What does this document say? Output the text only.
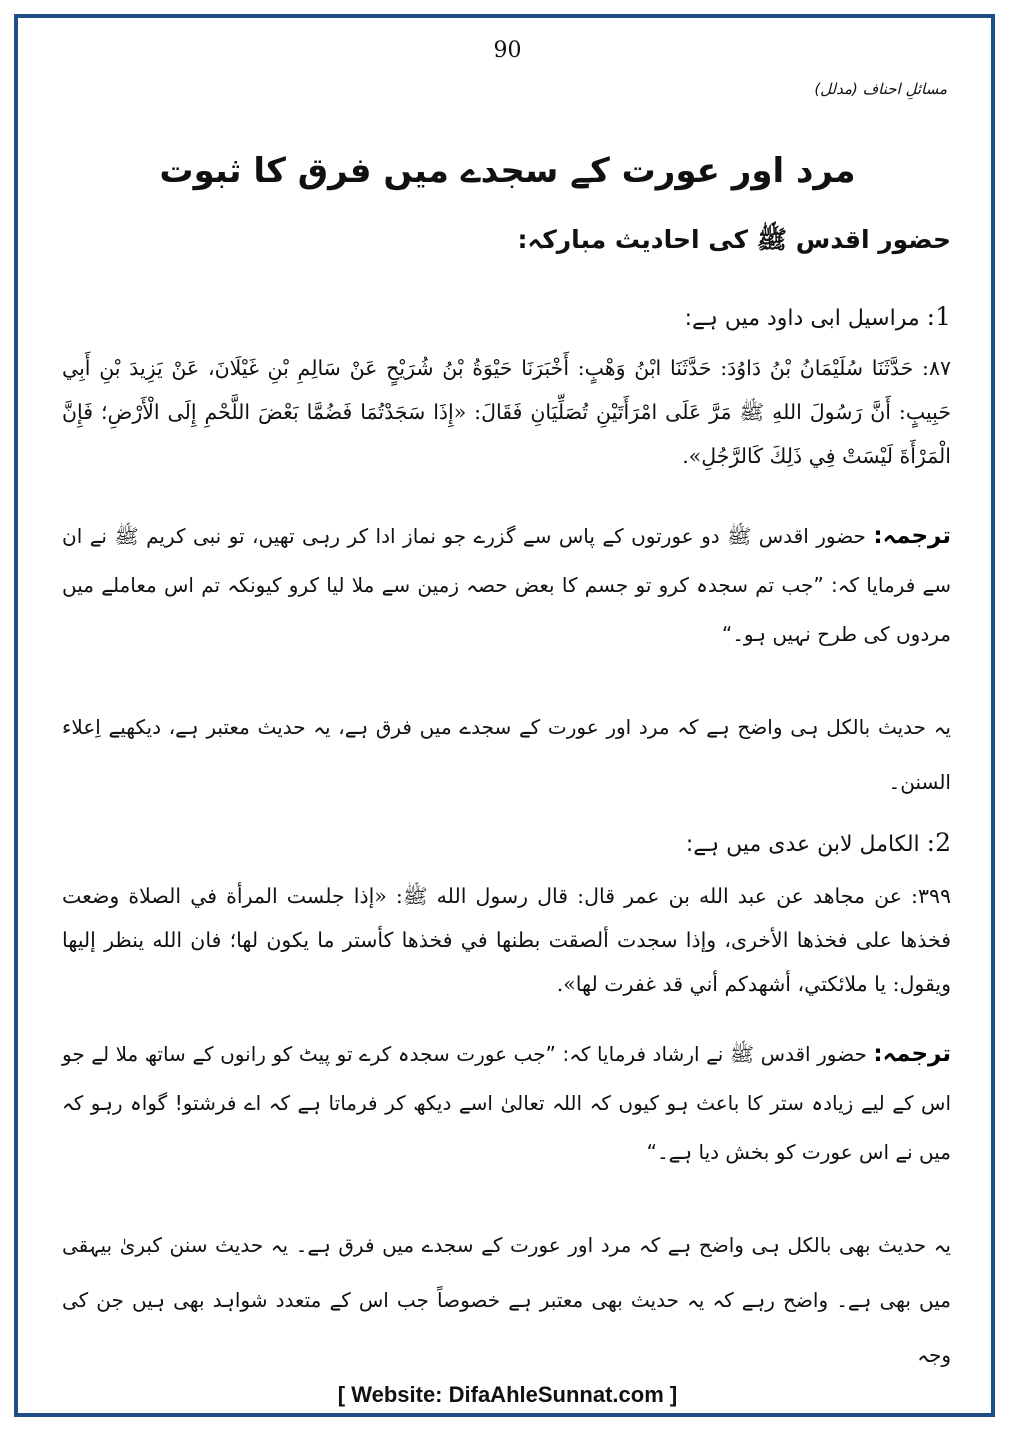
90
مسائلِ احناف (مدلل)
مرد اور عورت کے سجدے میں فرق کا ثبوت
حضور اقدس ﷺ کی احادیث مبارکہ:
1: مراسیل ابی داود میں ہے:
٨٧: حَدَّثَنَا سُلَيْمَانُ بْنُ دَاوُدَ: حَدَّثَنَا ابْنُ وَهْبٍ: أَخْبَرَنَا حَيْوَةُ بْنُ شُرَيْحٍ عَنْ سَالِمِ بْنِ غَيْلَانَ، عَنْ يَزِيدَ بْنِ أَبِي حَبِيبٍ: أَنَّ رَسُولَ اللهِ ﷺ مَرَّ عَلَى امْرَأَتَيْنِ تُصَلِّيَانِ فَقَالَ: «إِذَا سَجَدْتُمَا فَضُمَّا بَعْضَ اللَّحْمِ إِلَى الْأَرْضِ؛ فَإِنَّ الْمَرْأَةَ لَيْسَتْ فِي ذَلِكَ كَالرَّجُلِ».
ترجمہ: حضور اقدس ﷺ دو عورتوں کے پاس سے گزرے جو نماز ادا کر رہی تھیں، تو نبی کریم ﷺ نے ان سے فرمایا کہ: ”جب تم سجدہ کرو تو جسم کا بعض حصہ زمین سے ملا لیا کرو کیونکہ تم اس معاملے میں مردوں کی طرح نہیں ہو۔“
یہ حدیث بالکل ہی واضح ہے کہ مرد اور عورت کے سجدے میں فرق ہے، یہ حدیث معتبر ہے، دیکھیے اِعلاء السنن۔
2: الکامل لابن عدی میں ہے:
٣٩٩: عن مجاهد عن عبد الله بن عمر قال: قال رسول الله ﷺ: «إذا جلست المرأة في الصلاة وضعت فخذها على فخذها الأخرى، وإذا سجدت ألصقت بطنها في فخذها كأستر ما يكون لها؛ فان الله ينظر إليها ويقول: يا ملائكتي، أشهدكم أني قد غفرت لها».
ترجمہ: حضور اقدس ﷺ نے ارشاد فرمایا کہ: ”جب عورت سجدہ کرے تو پیٹ کو رانوں کے ساتھ ملا لے جو اس کے لیے زیادہ ستر کا باعث ہو کیوں کہ اللہ تعالیٰ اسے دیکھ کر فرماتا ہے کہ اے فرشتو! گواہ رہو کہ میں نے اس عورت کو بخش دیا ہے۔“
یہ حدیث بھی بالکل ہی واضح ہے کہ مرد اور عورت کے سجدے میں فرق ہے۔ یہ حدیث سنن کبریٰ بیہقی میں بھی ہے۔ واضح رہے کہ یہ حدیث بھی معتبر ہے خصوصاً جب اس کے متعدد شواہد بھی ہیں جن کی وجہ
[ Website: DifaAhleSunnat.com ]
